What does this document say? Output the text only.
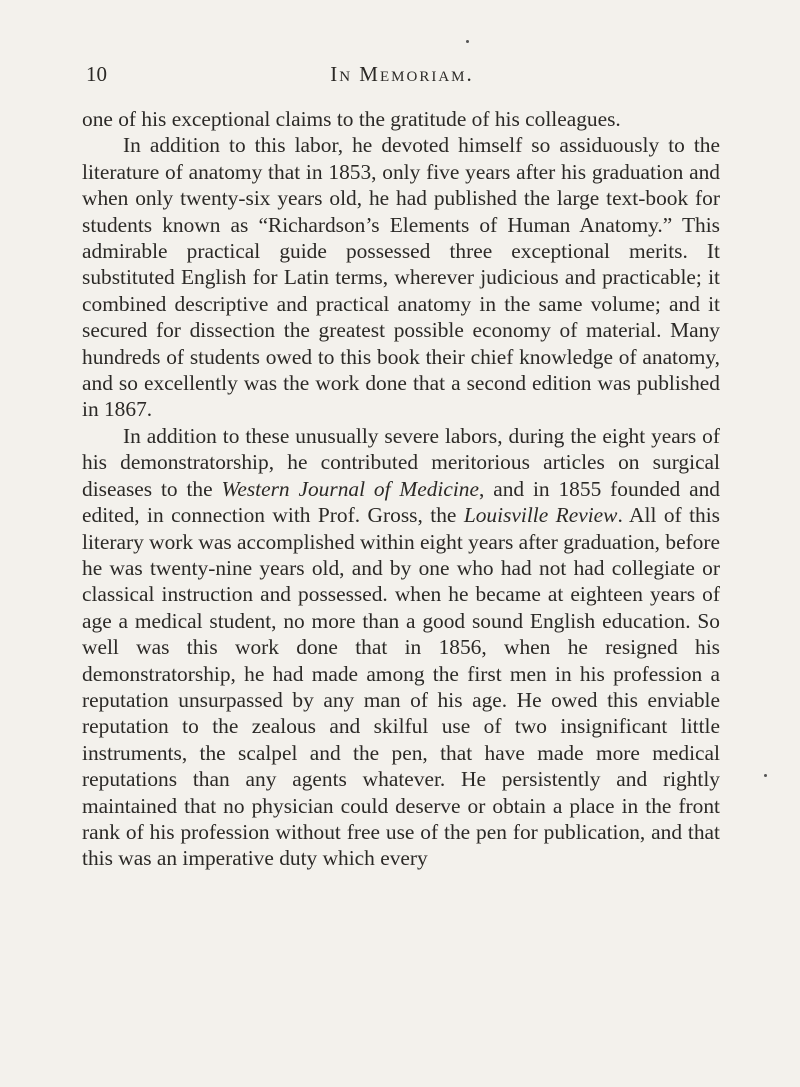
10	In Memoriam.

one of his exceptional claims to the gratitude of his colleagues.

In addition to this labor, he devoted himself so assiduously to the literature of anatomy that in 1853, only five years after his graduation and when only twenty-six years old, he had published the large text-book for students known as “Richardson’s Elements of Human Anatomy.” This admirable practical guide possessed three exceptional merits. It substituted English for Latin terms, wherever judicious and practicable; it combined descriptive and practical anatomy in the same volume; and it secured for dissection the greatest possible economy of material. Many hundreds of students owed to this book their chief knowledge of anatomy, and so excellently was the work done that a second edition was published in 1867.

In addition to these unusually severe labors, during the eight years of his demonstratorship, he contributed meritorious articles on surgical diseases to the Western Journal of Medicine, and in 1855 founded and edited, in connection with Prof. Gross, the Louisville Review. All of this literary work was accomplished within eight years after graduation, before he was twenty-nine years old, and by one who had not had collegiate or classical instruction and possessed. when he became at eighteen years of age a medical student, no more than a good sound English education. So well was this work done that in 1856, when he resigned his demonstratorship, he had made among the first men in his profession a reputation unsurpassed by any man of his age. He owed this enviable reputation to the zealous and skilful use of two insignificant little instruments, the scalpel and the pen, that have made more medical reputations than any agents whatever. He persistently and rightly maintained that no physician could deserve or obtain a place in the front rank of his profession without free use of the pen for publication, and that this was an imperative duty which every
